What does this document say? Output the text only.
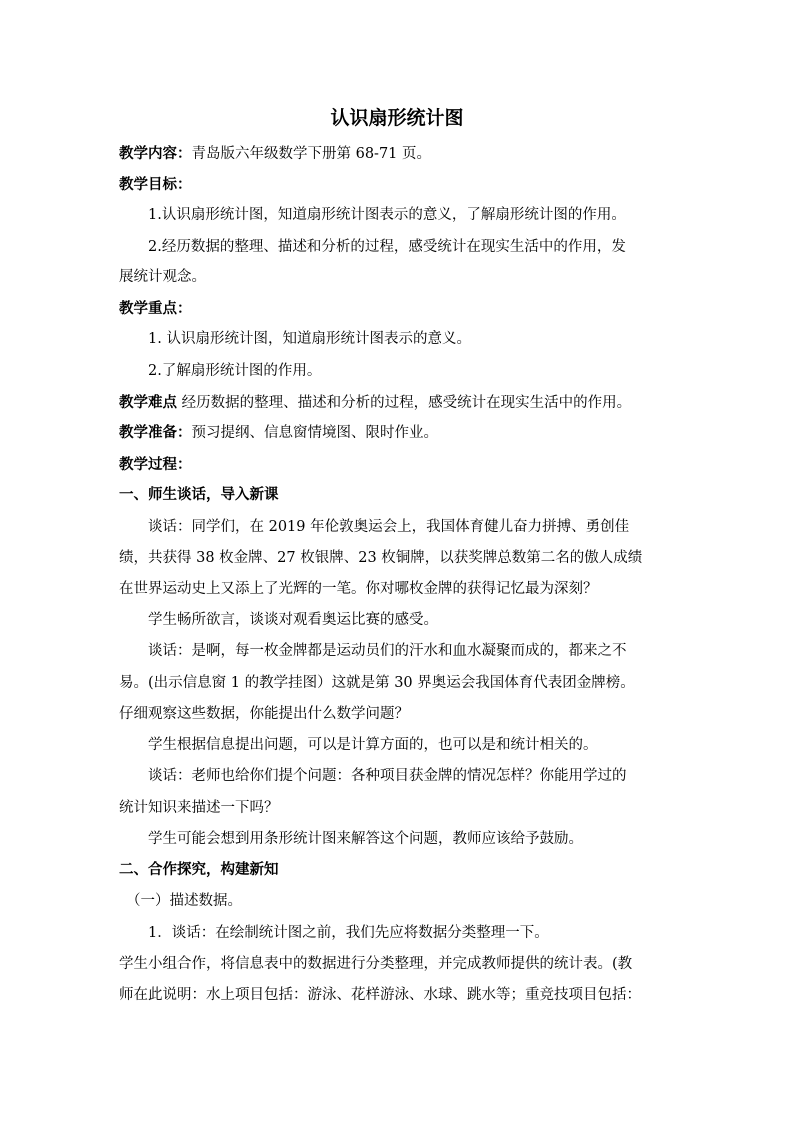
认识扇形统计图
教学内容：青岛版六年级数学下册第 68-71 页。
教学目标：
1.认识扇形统计图，知道扇形统计图表示的意义，了解扇形统计图的作用。
2.经历数据的整理、描述和分析的过程，感受统计在现实生活中的作用，发
展统计观念。
教学重点：
1. 认识扇形统计图，知道扇形统计图表示的意义。
2.了解扇形统计图的作用。
教学难点 经历数据的整理、描述和分析的过程，感受统计在现实生活中的作用。
教学准备：预习提纲、信息窗情境图、限时作业。
教学过程：
一、师生谈话，导入新课
谈话：同学们，在 2019 年伦敦奥运会上，我国体育健儿奋力拼搏、勇创佳
绩，共获得 38 枚金牌、27 枚银牌、23 枚铜牌，以获奖牌总数第二名的傲人成绩
在世界运动史上又添上了光辉的一笔。你对哪枚金牌的获得记忆最为深刻？
学生畅所欲言，谈谈对观看奥运比赛的感受。
谈话：是啊，每一枚金牌都是运动员们的汗水和血水凝聚而成的，都来之不
易。(出示信息窗 1 的教学挂图）这就是第 30 界奥运会我国体育代表团金牌榜。
仔细观察这些数据，你能提出什么数学问题？
学生根据信息提出问题，可以是计算方面的，也可以是和统计相关的。
谈话：老师也给你们提个问题：各种项目获金牌的情况怎样？你能用学过的
统计知识来描述一下吗？
学生可能会想到用条形统计图来解答这个问题，教师应该给予鼓励。
二、合作探究，构建新知
（一）描述数据。
1．谈话：在绘制统计图之前，我们先应将数据分类整理一下。
学生小组合作，将信息表中的数据进行分类整理，并完成教师提供的统计表。(教
师在此说明：水上项目包括：游泳、花样游泳、水球、跳水等；重竞技项目包括：
